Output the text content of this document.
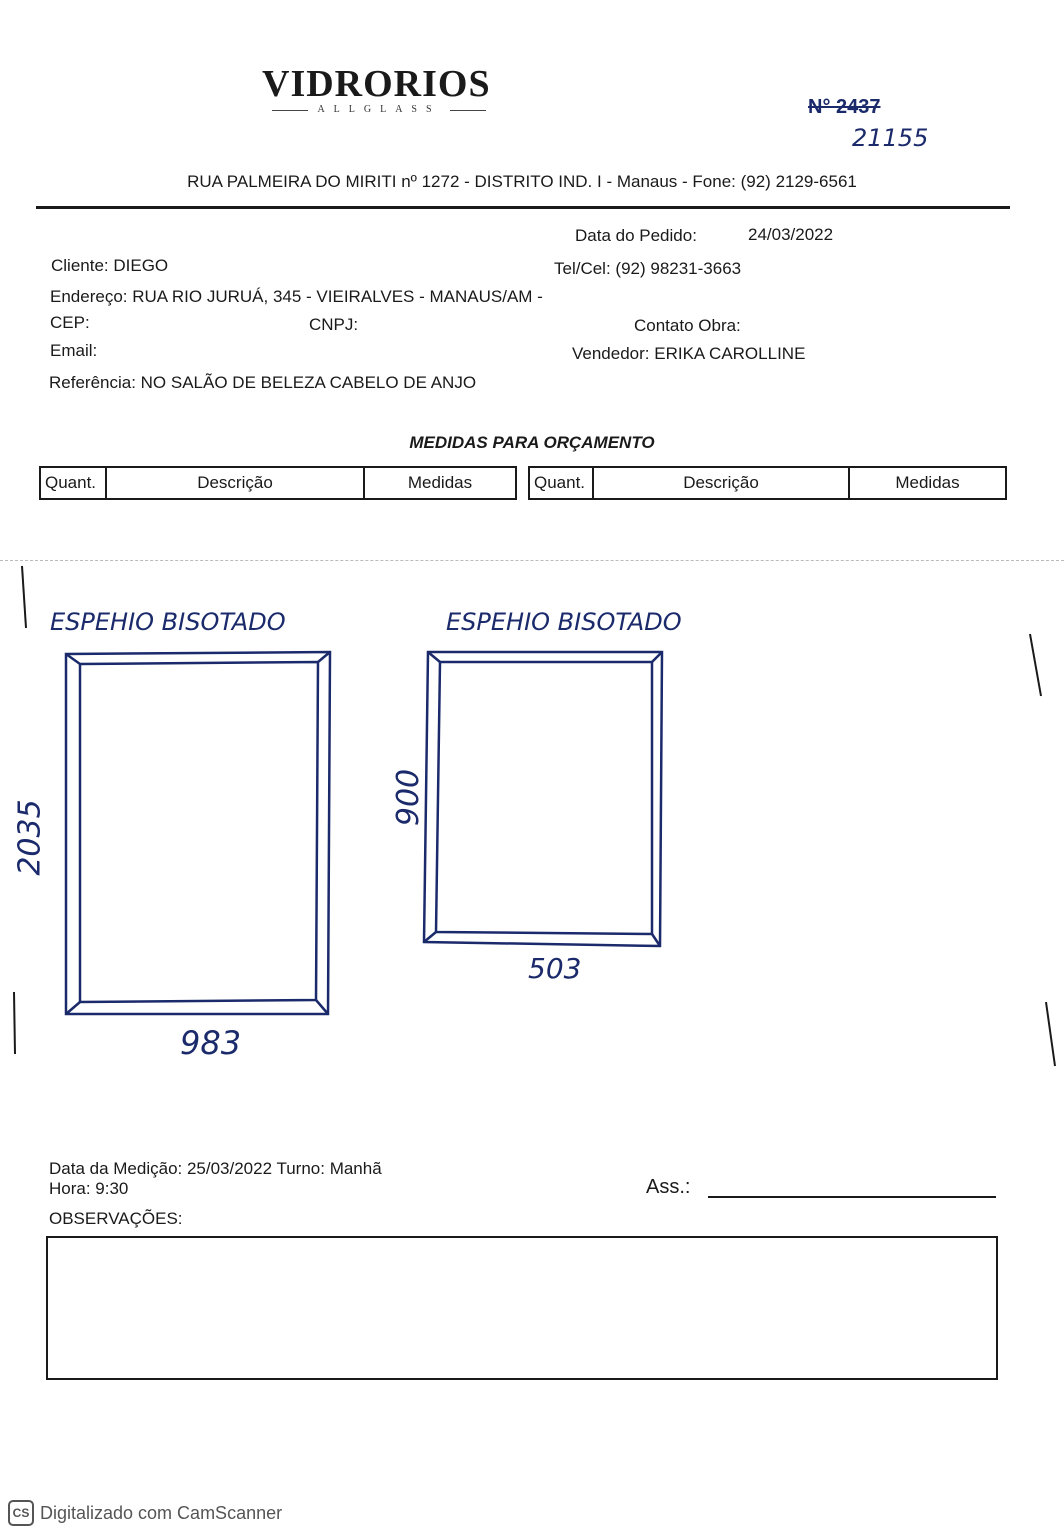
VIDRORIOS
ALLGLASS	N° 2437
21155
RUA PALMEIRA DO MIRITI nº 1272 - DISTRITO IND. I - Manaus - Fone: (92) 2129-6561
Data do Pedido:	24/03/2022
Cliente: DIEGO	Tel/Cel: (92) 98231-3663
Endereço: RUA RIO JURUÁ, 345 - VIEIRALVES - MANAUS/AM -
CEP:	CNPJ:	Contato Obra:
Email:	Vendedor: ERIKA CAROLLINE
Referência: NO SALÃO DE BELEZA CABELO DE ANJO
MEDIDAS PARA ORÇAMENTO
Quant.	Descrição	Medidas	Quant.	Descrição	Medidas
ESPEHIO BISOTADO	ESPEHIO BISOTADO
2035
983
900
503
Data da Medição: 25/03/2022 Turno: Manhã
Hora: 9:30	Ass.:
OBSERVAÇÕES:
CS Digitalizado com CamScanner
